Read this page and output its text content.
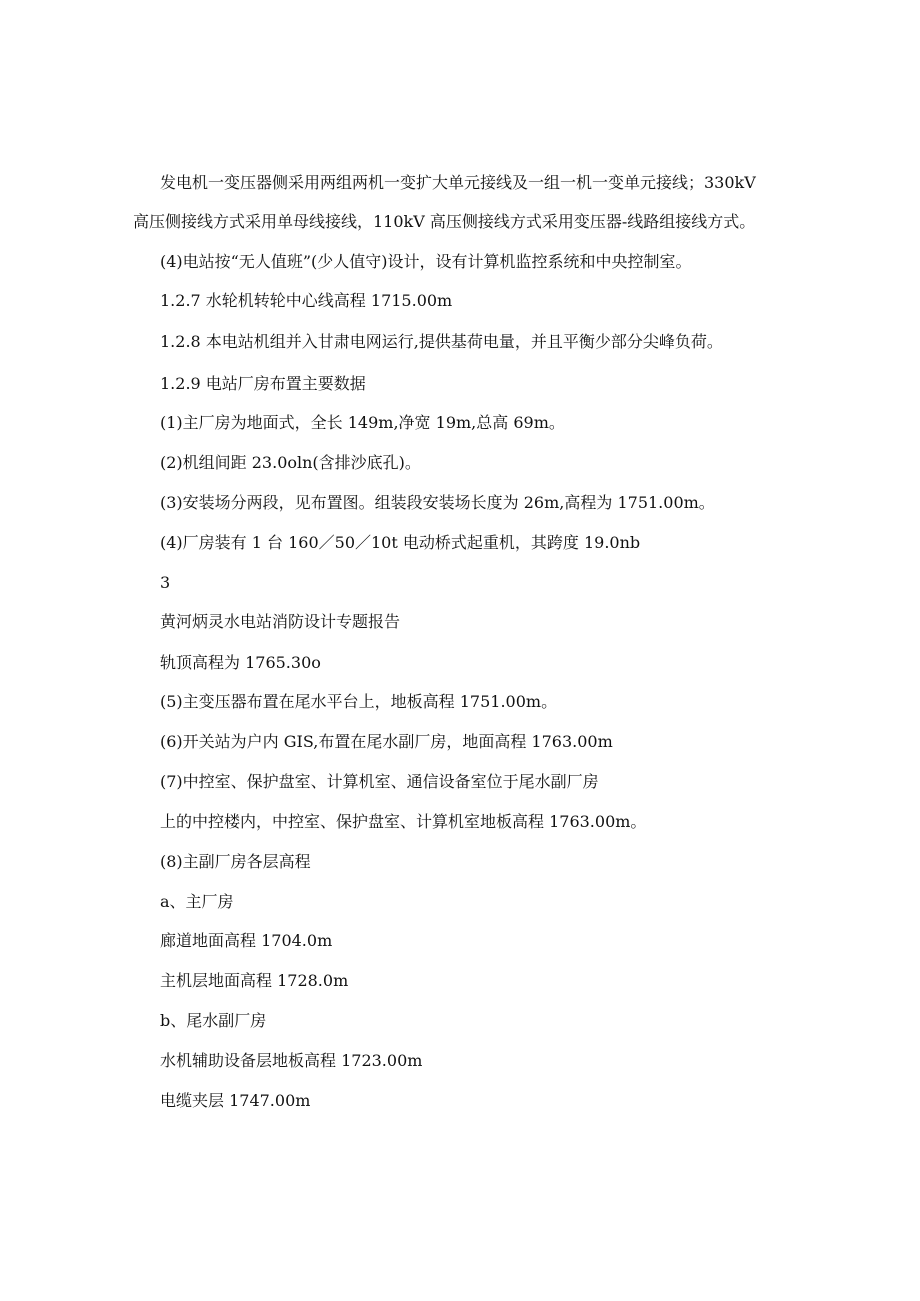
发电机一变压器侧采用两组两机一变扩大单元接线及一组一机一变单元接线；330kV
高压侧接线方式采用单母线接线，110kV 高压侧接线方式采用变压器-线路组接线方式。
(4)电站按“无人值班”(少人值守)设计，设有计算机监控系统和中央控制室。
1.2.7 水轮机转轮中心线高程 1715.00m
1.2.8 本电站机组并入甘肃电网运行,提供基荷电量，并且平衡少部分尖峰负荷。
1.2.9 电站厂房布置主要数据
(1)主厂房为地面式，全长 149m,净宽 19m,总高 69m。
(2)机组间距 23.0oln(含排沙底孔)。
(3)安装场分两段，见布置图。组装段安装场长度为 26m,高程为 1751.00m。
(4)厂房装有 1 台 160／50／10t 电动桥式起重机，其跨度 19.0nb
3
黄河炳灵水电站消防设计专题报告
轨顶高程为 1765.30o
(5)主变压器布置在尾水平台上，地板高程 1751.00m。
(6)开关站为户内 GIS,布置在尾水副厂房，地面高程 1763.00m
(7)中控室、保护盘室、计算机室、通信设备室位于尾水副厂房
上的中控楼内，中控室、保护盘室、计算机室地板高程 1763.00m。
(8)主副厂房各层高程
a、主厂房
廊道地面高程 1704.0m
主机层地面高程 1728.0m
b、尾水副厂房
水机辅助设备层地板高程 1723.00m
电缆夹层 1747.00m
